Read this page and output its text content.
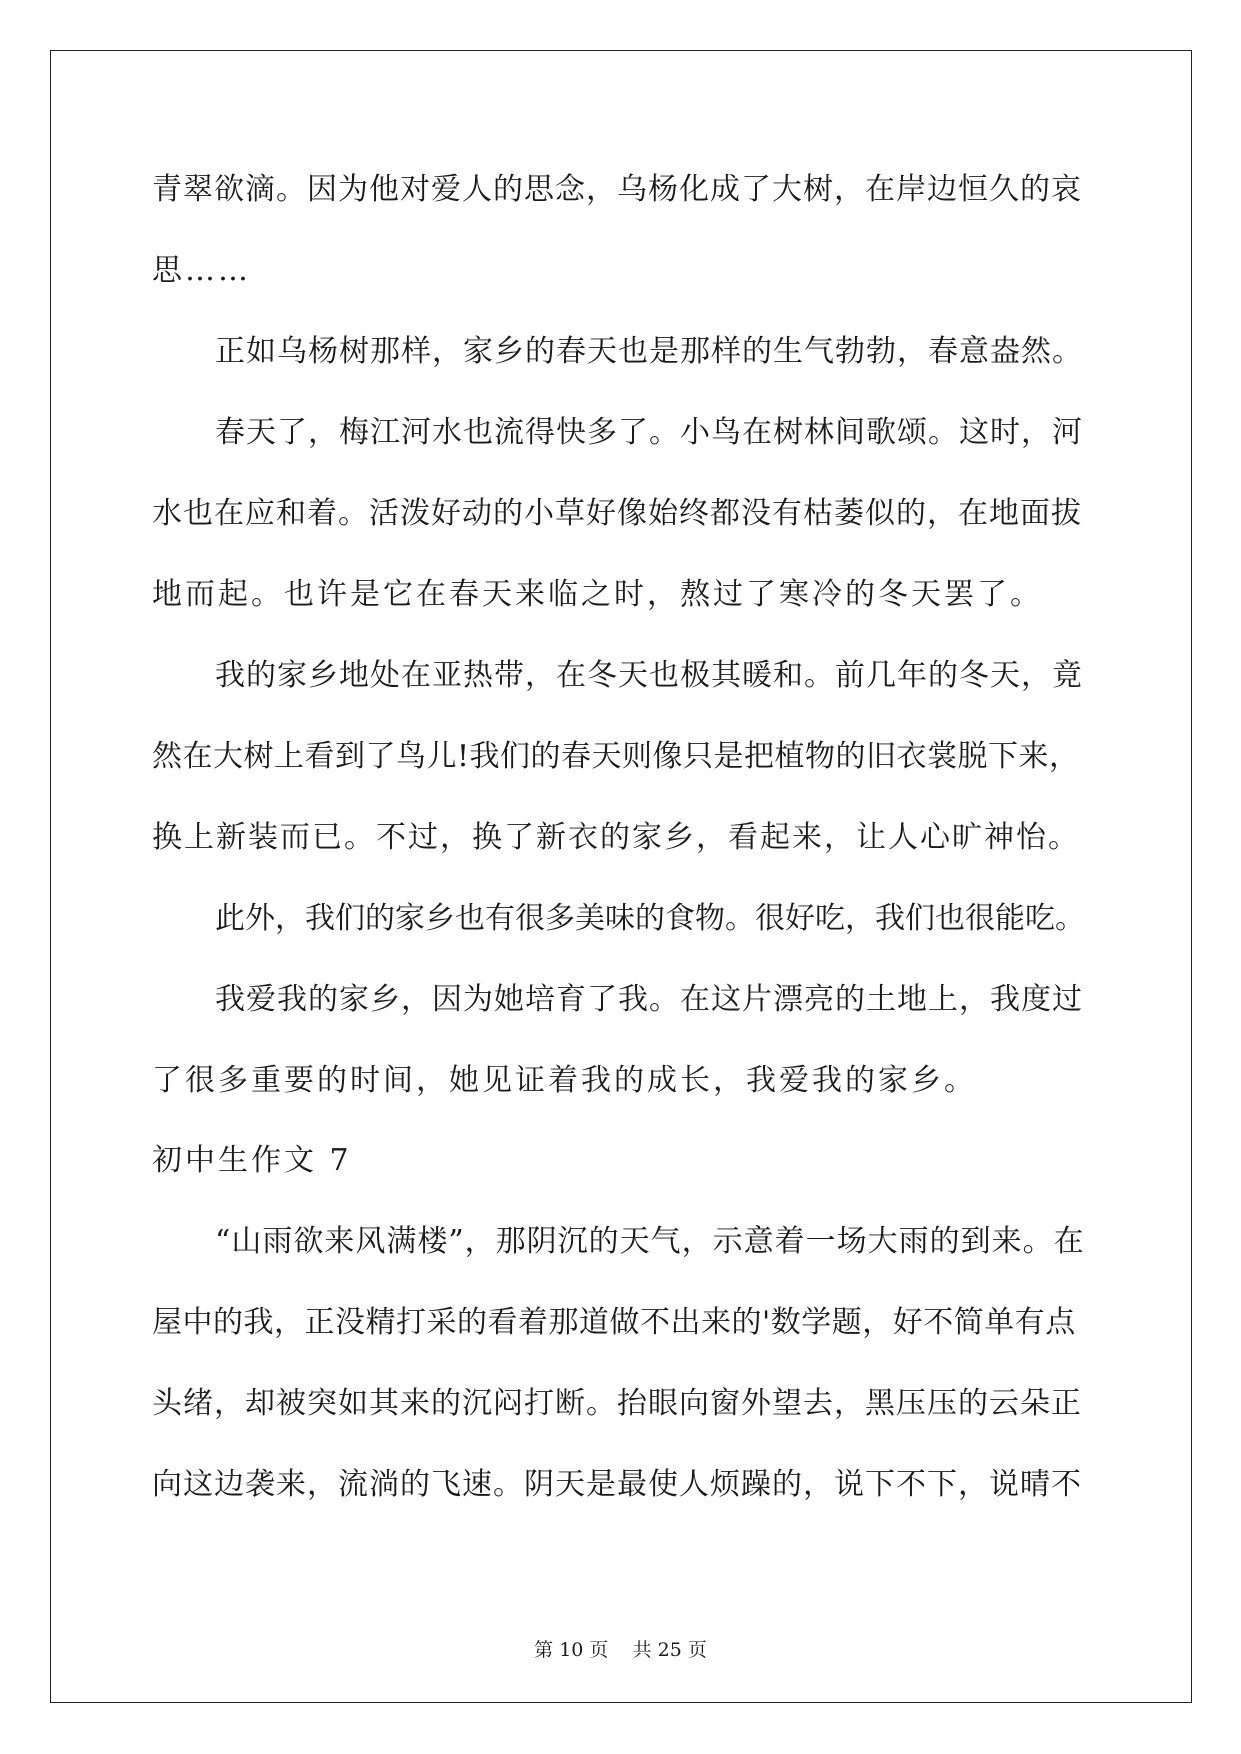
青翠欲滴。因为他对爱人的思念，乌杨化成了大树，在岸边恒久的哀
思……
正如乌杨树那样，家乡的春天也是那样的生气勃勃，春意盎然。
春天了，梅江河水也流得快多了。小鸟在树林间歌颂。这时，河
水也在应和着。活泼好动的小草好像始终都没有枯萎似的，在地面拔
地而起。也许是它在春天来临之时，熬过了寒冷的冬天罢了。
我的家乡地处在亚热带，在冬天也极其暖和。前几年的冬天，竟
然在大树上看到了鸟儿!我们的春天则像只是把植物的旧衣裳脱下来，
换上新装而已。不过，换了新衣的家乡，看起来，让人心旷神怡。
此外，我们的家乡也有很多美味的食物。很好吃，我们也很能吃。
我爱我的家乡，因为她培育了我。在这片漂亮的土地上，我度过
了很多重要的时间，她见证着我的成长，我爱我的家乡。
初中生作文 7
“山雨欲来风满楼”，那阴沉的天气，示意着一场大雨的到来。在
屋中的我，正没精打采的看着那道做不出来的'数学题，好不简单有点
头绪，却被突如其来的沉闷打断。抬眼向窗外望去，黑压压的云朵正
向这边袭来，流淌的飞速。阴天是最使人烦躁的，说下不下，说晴不
第 10 页    共 25 页
